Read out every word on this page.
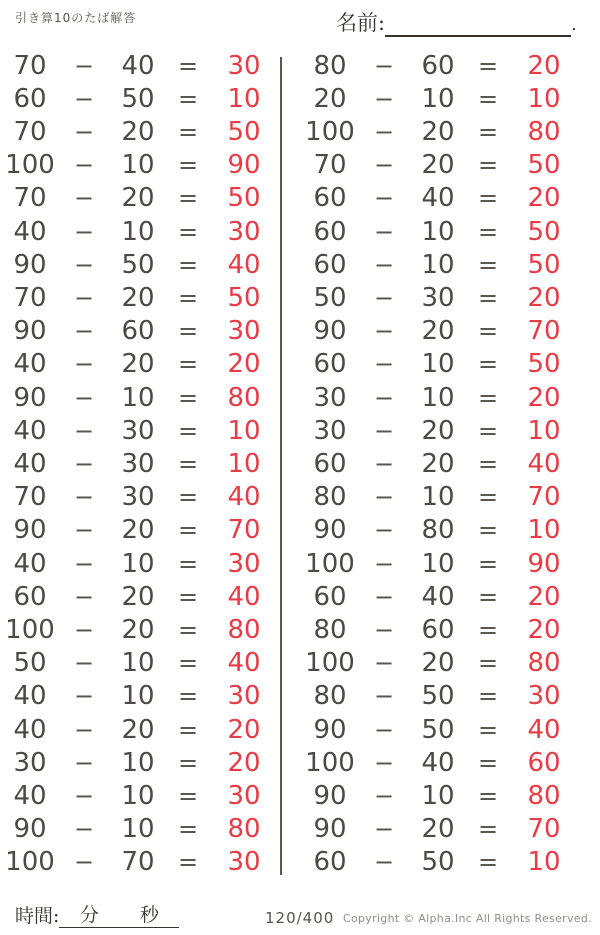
引き算10のたば解答	名前:	.
70	−	40 =	30
60	−	50 =	10
70	−	20 =	50
100 −	10 =	90
70	−	20 =	50
40	−	10 =	30
90	−	50 =	40
70	−	20 =	50
90	−	60 =	30
40	−	20 =	20
90	−	10 =	80
40	−	30 =	10
40	−	30 =	10
70	−	30 =	40
90	−	20 =	70
40	−	10 =	30
60	−	20 =	40
100 −	20 =	80
50	−	10 =	40
40	−	10 =	30
40	−	20 =	20
30	−	10 =	20
40	−	10 =	30
90	−	10 =	80
100 −	70 =	30
80	−	60 =	20
20	−	10 =	10
100 −	20 =	80
70	−	20 =	50
60	−	40 =	20
60	−	10 =	50
60	−	10 =	50
50	−	30 =	20
90	−	20 =	70
60	−	10 =	50
30	−	10 =	20
30	−	20 =	10
60	−	20 =	40
80	−	10 =	70
90	−	80 =	10
100 −	10 =	90
60	−	40 =	20
80	−	60 =	20
100 −	20 =	80
80	−	50 =	30
90	−	50 =	40
100 −	40 =	60
90	−	10 =	80
90	−	20 =	70
60	−	50 =	10
時間: 分 秒	120/400 Copyright © Alpha.Inc All Rights Reserved.
